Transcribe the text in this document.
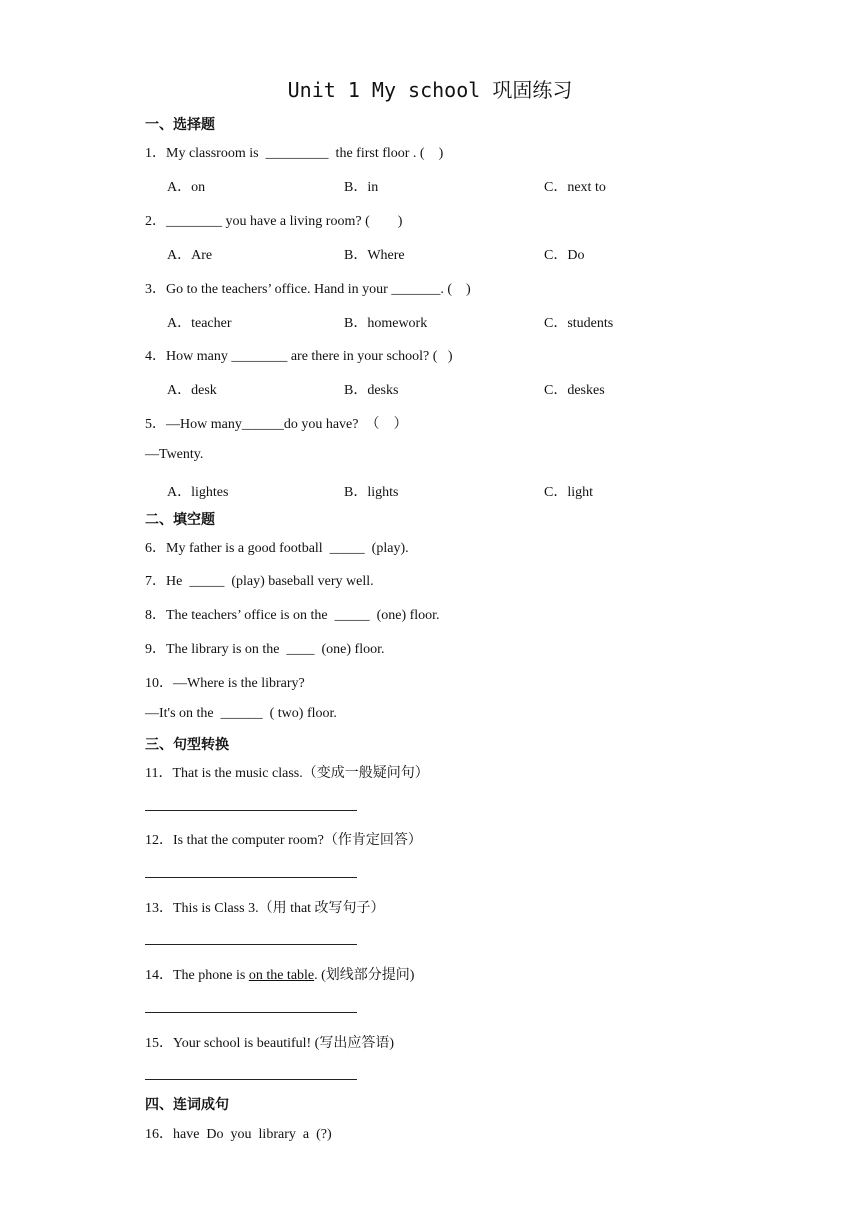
Unit 1 My school 巩固练习
一、选择题
1．My classroom is  _________  the first floor . (    )
A．on	B．in	C．next to
2．________ you have a living room? (        )
A．Are	B．Where	C．Do
3．Go to the teachers’ office. Hand in your _______. (    )
A．teacher	B．homework	C．students
4．How many ________ are there in your school? (   )
A．desk	B．desks	C．deskes
5．—How many______do you have?  （    ）
—Twenty.
A．lightes	B．lights	C．light
二、填空题
6．My father is a good football  _____  (play).
7．He  _____  (play) baseball very well.
8．The teachers’ office is on the  _____  (one) floor.
9．The library is on the  ____  (one) floor.
10．—Where is the library?
—It's on the  ______  ( two) floor.
三、句型转换
11．That is the music class.（变成一般疑问句）
12．Is that the computer room?（作肯定回答）
13．This is Class 3.（用 that 改写句子）
14．The phone is on the table. (划线部分提问)
15．Your school is beautiful! (写出应答语)
四、连词成句
16．have  Do  you  library  a  (?)
